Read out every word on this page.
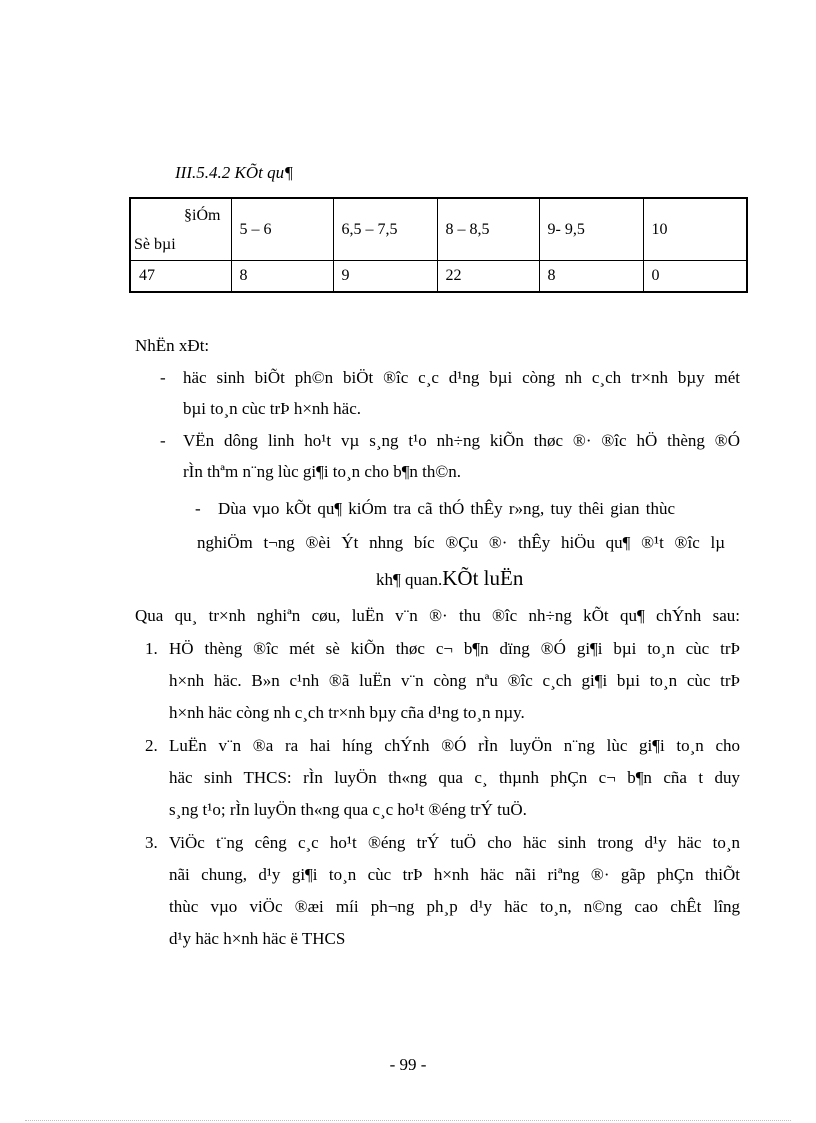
III.5.4.2 KÕt qu¶
§iÓm
Sè bµi	5 – 6	6,5 – 7,5	8 – 8,5	9- 9,5	10
47	8	9	22	8	0
NhËn xÐt:
- häc sinh biÕt ph©n biÖt ®îc c¸c d¹ng bµi còng nh c¸ch tr×nh bµy mét
bµi to¸n cùc trÞ h×nh häc.
- VËn dông linh ho¹t vµ s¸ng t¹o nh÷ng kiÕn thøc ®· ®îc hÖ thèng ®Ó
rÌn thªm n¨ng lùc gi¶i to¸n cho b¶n th©n.
- Dùa vµo kÕt qu¶ kiÓm tra cã thÓ thÊy r»ng, tuy thêi gian thùc
nghiÖm t¬ng ®èi Ýt nhng bíc ®Çu ®· thÊy hiÖu qu¶ ®¹t ®îc lµ
kh¶ quan.KÕt luËn
Qua qu¸ tr×nh nghiªn cøu, luËn v¨n ®· thu ®îc nh÷ng kÕt qu¶ chÝnh sau:
1. HÖ thèng ®îc mét sè kiÕn thøc c¬ b¶n dïng ®Ó gi¶i bµi to¸n cùc trÞ
h×nh häc. B»n c¹nh ®ã luËn v¨n còng nªu ®îc c¸ch gi¶i bµi to¸n cùc trÞ
h×nh häc còng nh c¸ch tr×nh bµy cña d¹ng to¸n nµy.
2. LuËn v¨n ®a ra hai híng chÝnh ®Ó rÌn luyÖn n¨ng lùc gi¶i to¸n cho
häc sinh THCS: rÌn luyÖn th«ng qua c¸ thµnh phÇn c¬ b¶n cña t duy
s¸ng t¹o; rÌn luyÖn th«ng qua c¸c ho¹t ®éng trÝ tuÖ.
3. ViÖc t¨ng cêng c¸c ho¹t ®éng trÝ tuÖ cho häc sinh trong d¹y häc to¸n
nãi chung, d¹y gi¶i to¸n cùc trÞ h×nh häc nãi riªng ®· gãp phÇn thiÕt
thùc vµo viÖc ®æi míi ph¬ng ph¸p d¹y häc to¸n, n©ng cao chÊt lîng
d¹y häc h×nh häc ë THCS
- 99 -
